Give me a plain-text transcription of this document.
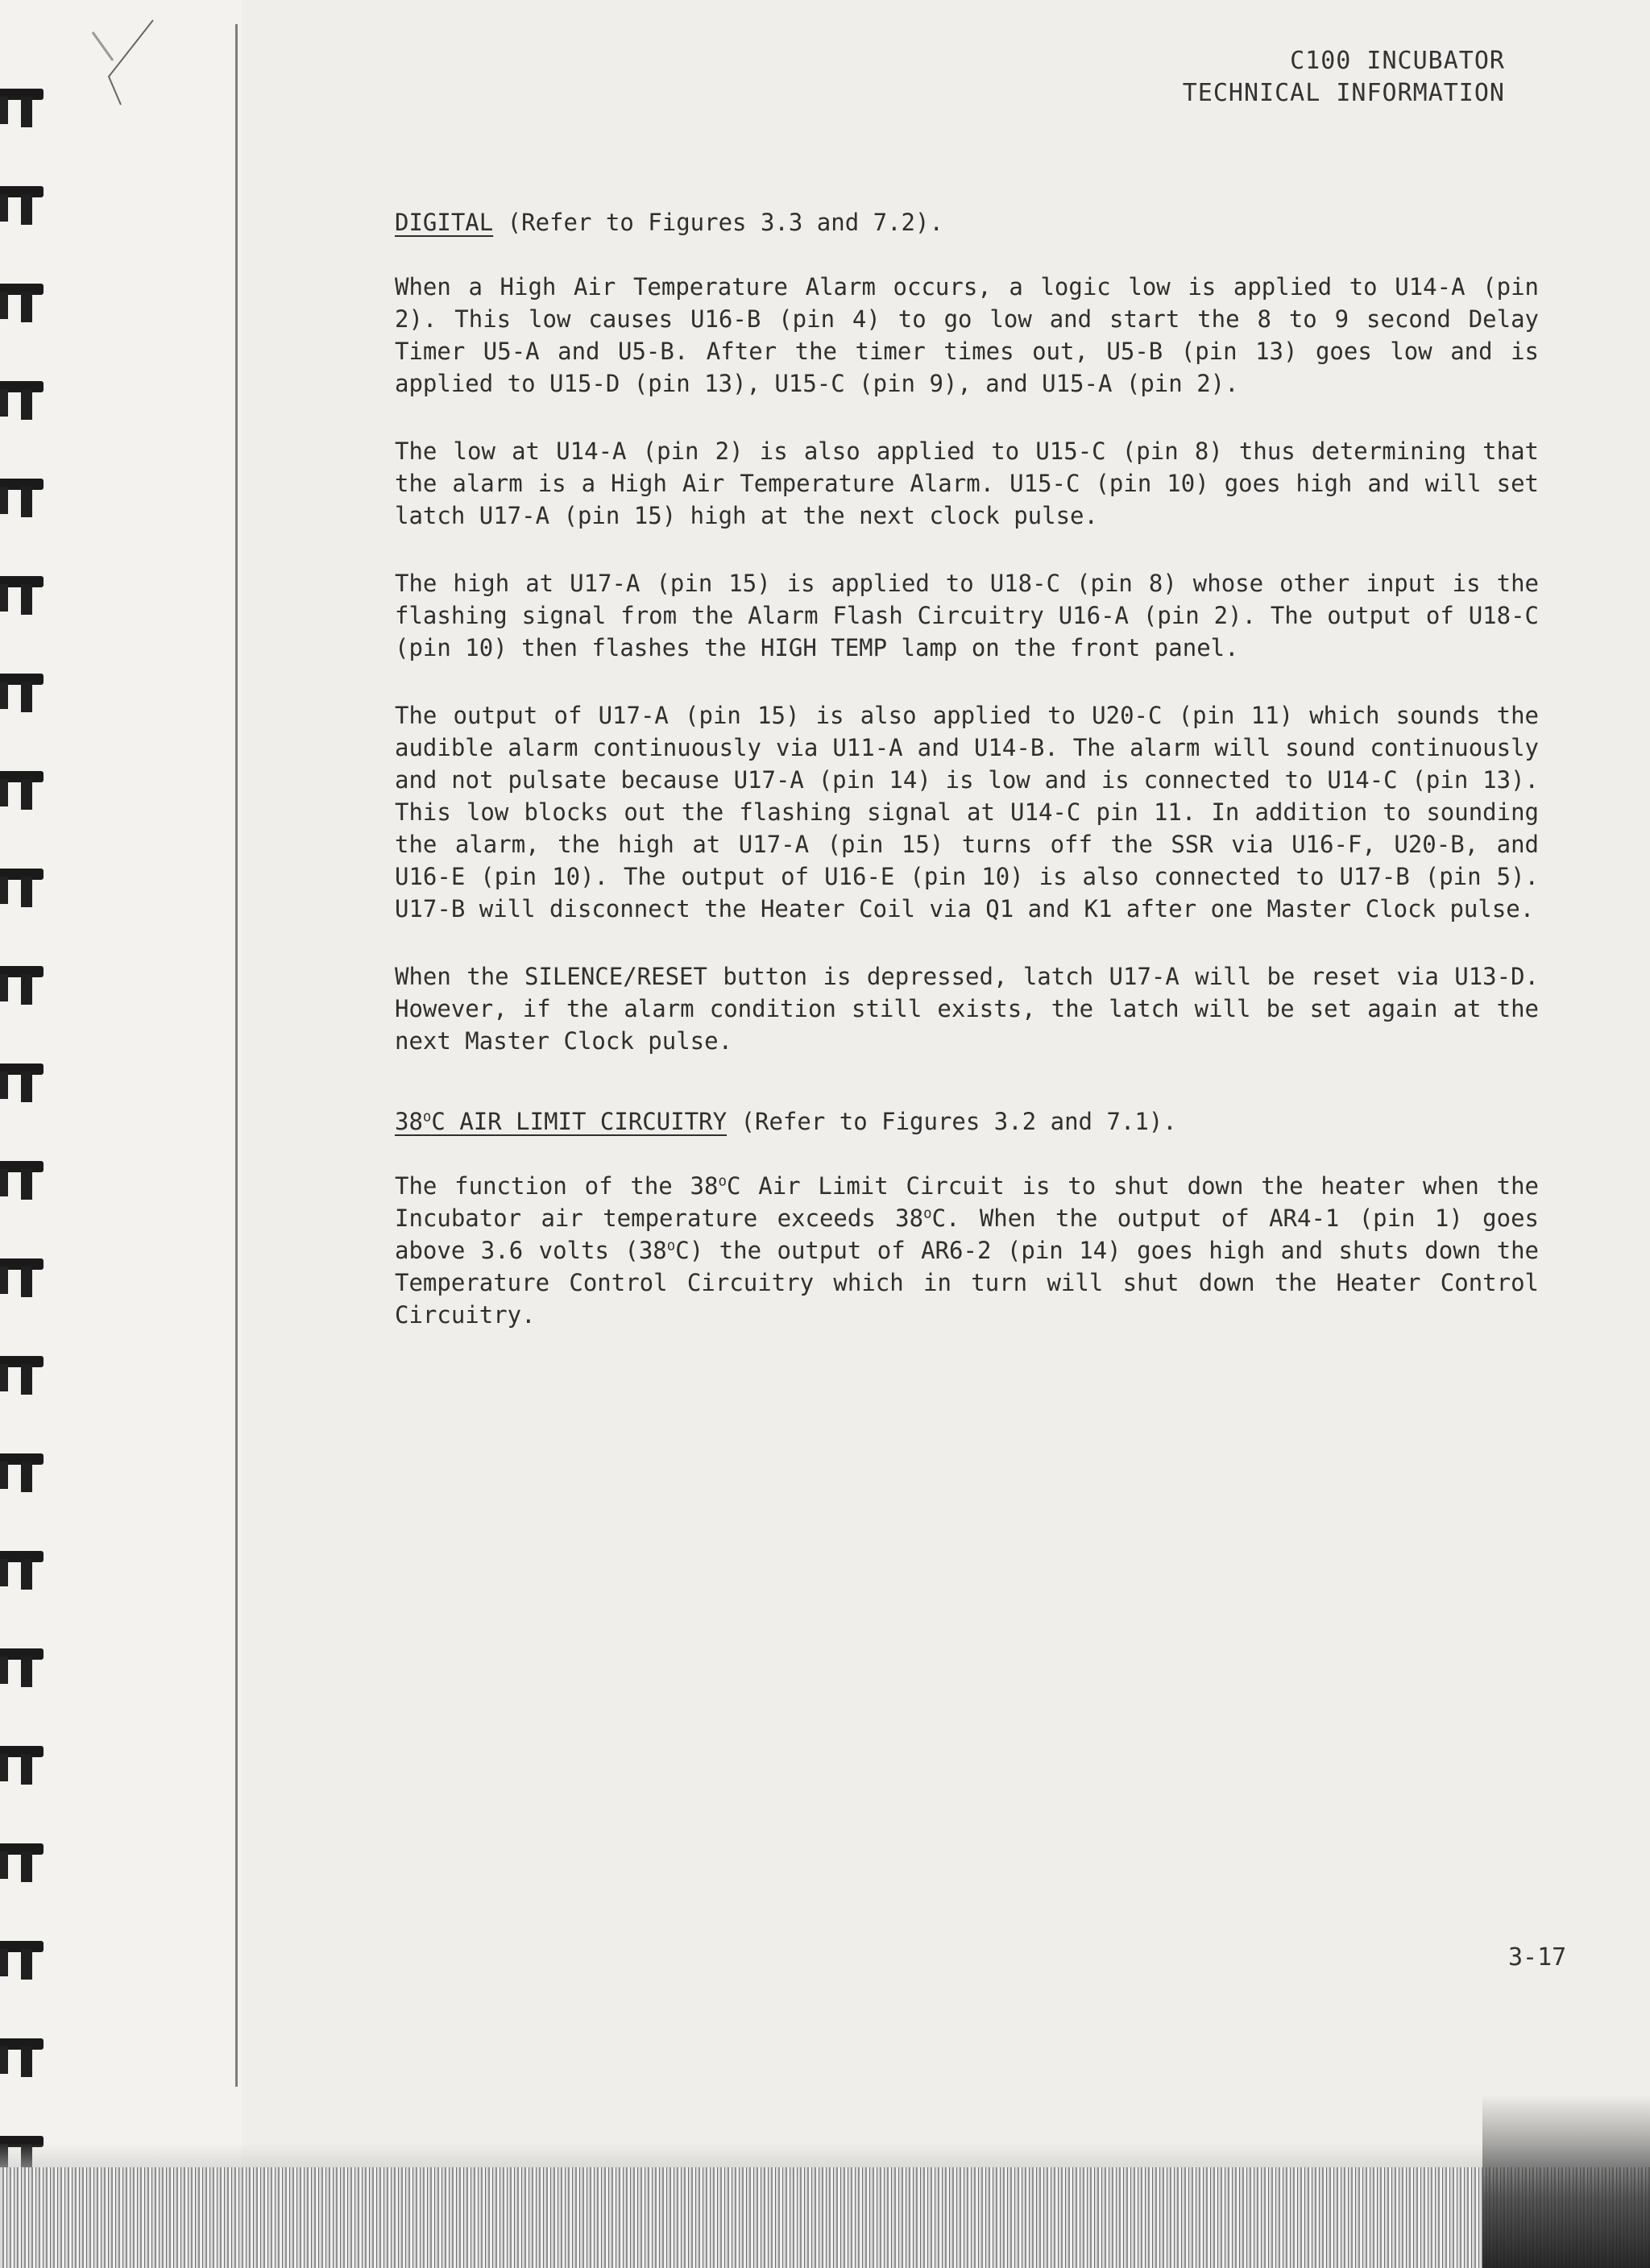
C100 INCUBATOR
TECHNICAL INFORMATION
DIGITAL (Refer to Figures 3.3 and 7.2).

When a High Air Temperature Alarm occurs, a logic low is applied to U14-A (pin 2). This low causes U16-B (pin 4) to go low and start the 8 to 9 second Delay Timer U5-A and U5-B. After the timer times out, U5-B (pin 13) goes low and is applied to U15-D (pin 13), U15-C (pin 9), and U15-A (pin 2).

The low at U14-A (pin 2) is also applied to U15-C (pin 8) thus determining that the alarm is a High Air Temperature Alarm. U15-C (pin 10) goes high and will set latch U17-A (pin 15) high at the next clock pulse.

The high at U17-A (pin 15) is applied to U18-C (pin 8) whose other input is the flashing signal from the Alarm Flash Circuitry U16-A (pin 2). The output of U18-C (pin 10) then flashes the HIGH TEMP lamp on the front panel.

The output of U17-A (pin 15) is also applied to U20-C (pin 11) which sounds the audible alarm continuously via U11-A and U14-B. The alarm will sound continuously and not pulsate because U17-A (pin 14) is low and is connected to U14-C (pin 13). This low blocks out the flashing signal at U14-C pin 11. In addition to sounding the alarm, the high at U17-A (pin 15) turns off the SSR via U16-F, U20-B, and U16-E (pin 10). The output of U16-E (pin 10) is also connected to U17-B (pin 5). U17-B will disconnect the Heater Coil via Q1 and K1 after one Master Clock pulse.

When the SILENCE/RESET button is depressed, latch U17-A will be reset via U13-D. However, if the alarm condition still exists, the latch will be set again at the next Master Clock pulse.

38$^o$C AIR LIMIT CIRCUITRY (Refer to Figures 3.2 and 7.1).

The function of the 38$^o$C Air Limit Circuit is to shut down the heater when the Incubator air temperature exceeds 38$^o$C. When the output of AR4-1 (pin 1) goes above 3.6 volts (38$^o$C) the output of AR6-2 (pin 14) goes high and shuts down the Temperature Control Circuitry which in turn will shut down the Heater Control Circuitry.

3-17
